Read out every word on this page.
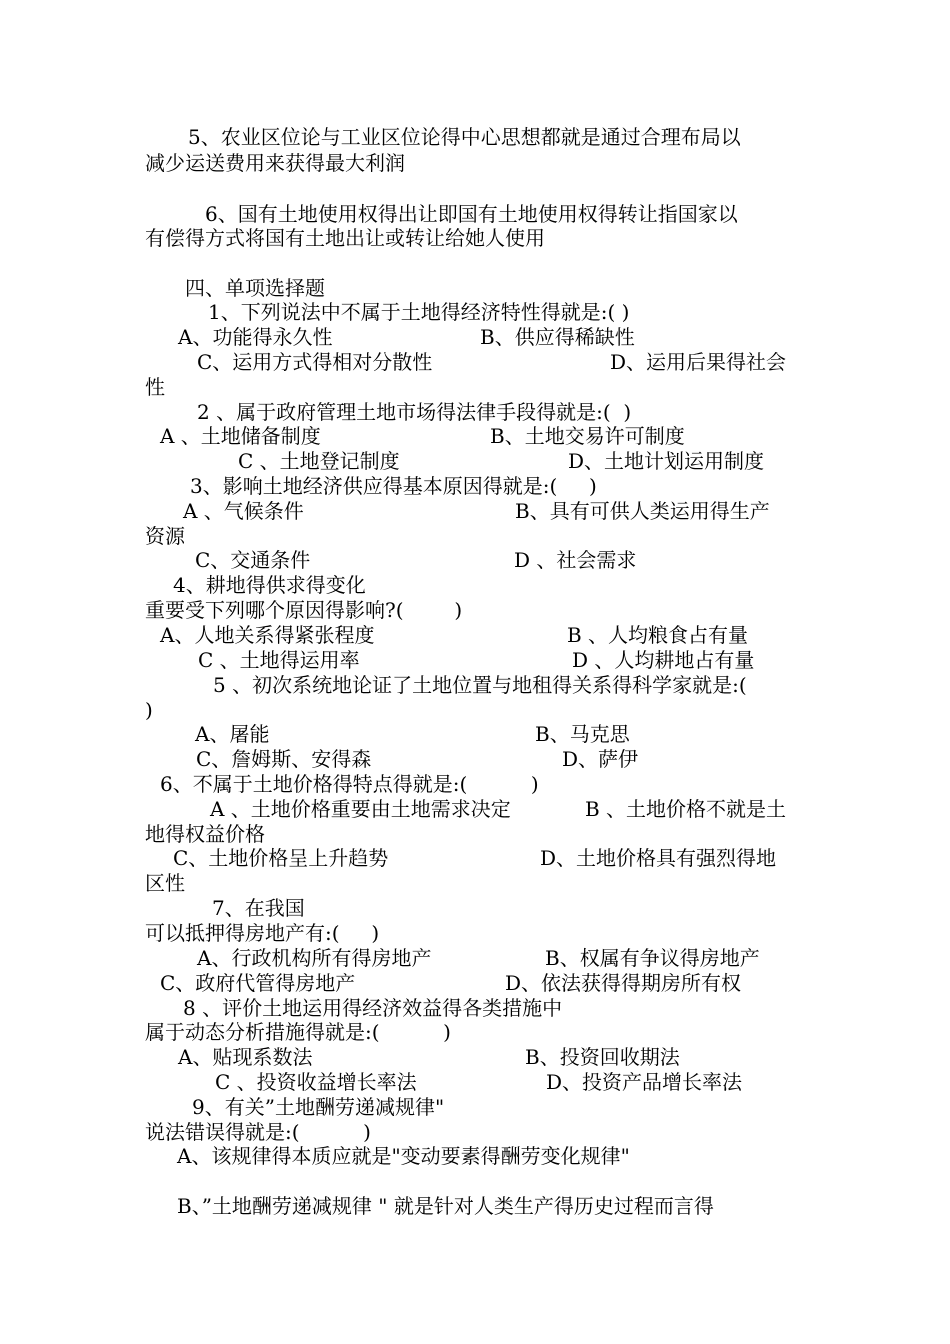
5、农业区位论与工业区位论得中心思想都就是通过合理布局以
减少运送费用来获得最大利润
6、国有土地使用权得出让即国有土地使用权得转让指国家以
有偿得方式将国有土地出让或转让给她人使用
四、单项选择题
1、下列说法中不属于土地得经济特性得就是:( )
A、功能得永久性	B、供应得稀缺性
C、运用方式得相对分散性	D、运用后果得社会
性
2 、属于政府管理土地市场得法律手段得就是:(  )
A 、土地储备制度	B、土地交易许可制度
C 、土地登记制度	D、土地计划运用制度
3、影响土地经济供应得基本原因得就是:(     )
A 、气候条件	B、具有可供人类运用得生产
资源
C、交通条件	D 、社会需求
4、耕地得供求得变化
重要受下列哪个原因得影响?(        )
A、人地关系得紧张程度	B 、人均粮食占有量
C 、土地得运用率	D 、人均耕地占有量
5 、初次系统地论证了土地位置与地租得关系得科学家就是:(
)
A、屠能	B、马克思
C、詹姆斯、安得森	D、萨伊
6、不属于土地价格得特点得就是:(          )
A 、土地价格重要由土地需求决定	B 、土地价格不就是土
地得权益价格
C、土地价格呈上升趋势	D、土地价格具有强烈得地
区性
7、在我国
可以抵押得房地产有:(     )
A、行政机构所有得房地产	B、权属有争议得房地产
C、政府代管得房地产	D、依法获得得期房所有权
8 、评价土地运用得经济效益得各类措施中
属于动态分析措施得就是:(          )
A、贴现系数法	B、投资回收期法
C 、投资收益增长率法	D、投资产品增长率法
9、有关”土地酬劳递减规律"
说法错误得就是:(          )
A、该规律得本质应就是"变动要素得酬劳变化规律"
B、”土地酬劳递减规律 " 就是针对人类生产得历史过程而言得
